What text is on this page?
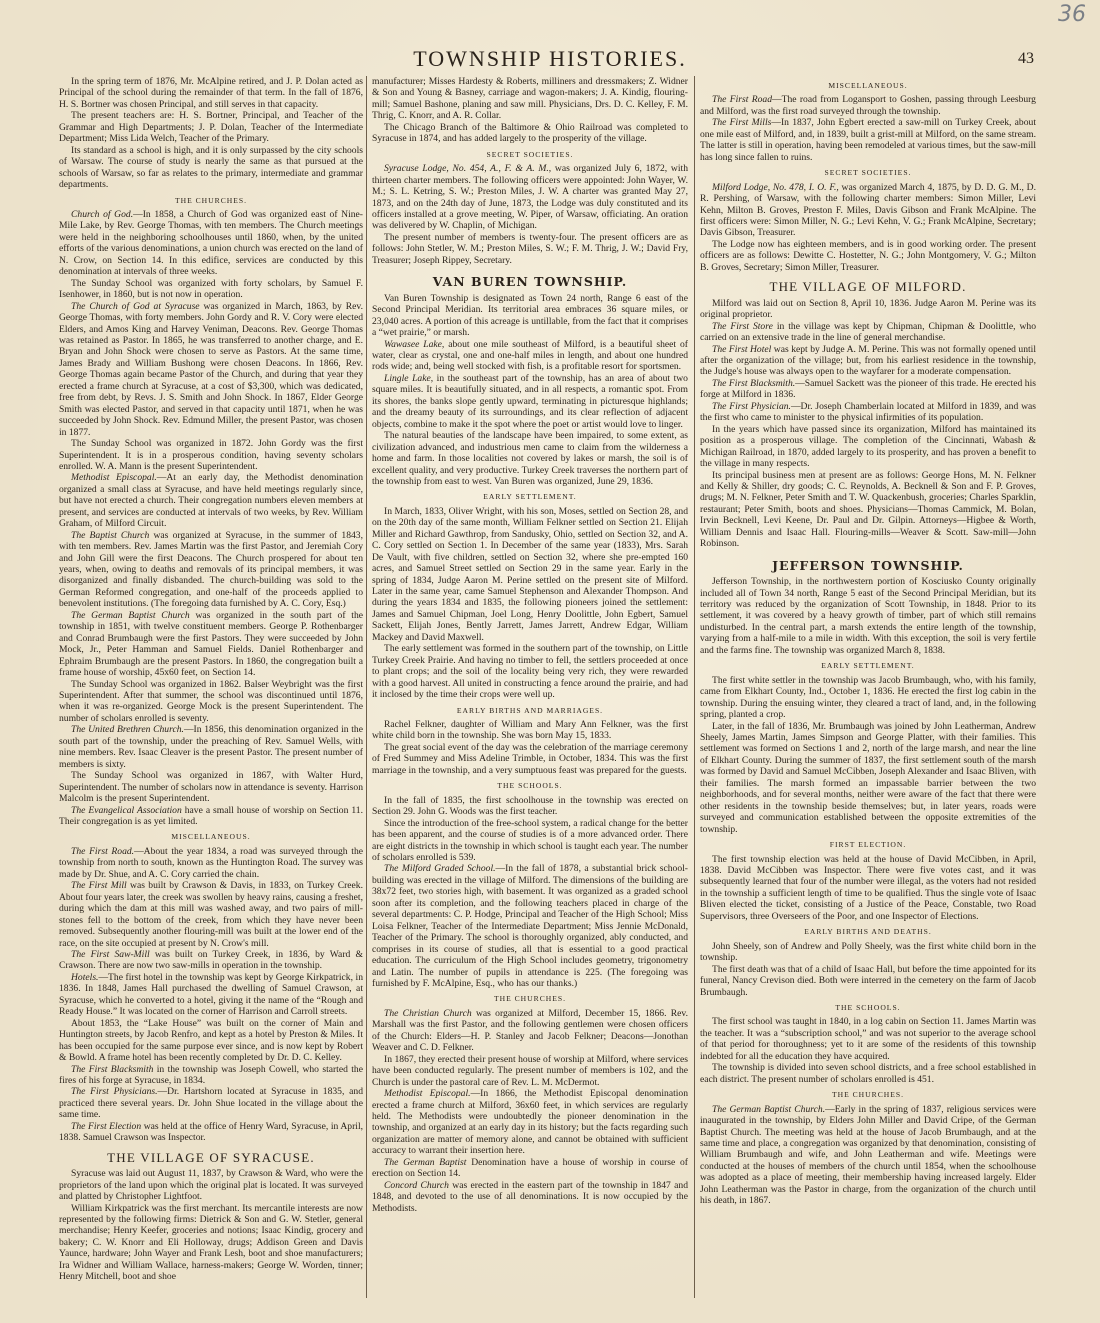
36
TOWNSHIP HISTORIES.	43

In the spring term of 1876, Mr. McAlpine retired, and J. P. Dolan acted as Principal of the school during the remainder of that term. In the fall of 1876, H. S. Bortner was chosen Principal, and still serves in that capacity.

The present teachers are: H. S. Bortner, Principal, and Teacher of the Grammar and High Departments; J. P. Dolan, Teacher of the Intermediate Department; Miss Lida Welch, Teacher of the Primary.

Its standard as a school is high, and it is only surpassed by the city schools of Warsaw. The course of study is nearly the same as that pursued at the schools of Warsaw, so far as relates to the primary, intermediate and grammar departments.

THE CHURCHES.

Church of God.—In 1858, a Church of God was organized east of Nine-Mile Lake, by Rev. George Thomas, with ten members. The Church meetings were held in the neighboring schoolhouses until 1860, when, by the united efforts of the various denominations, a union church was erected on the land of N. Crow, on Section 14. In this edifice, services are conducted by this denomination at intervals of three weeks.

The Sunday School was organized with forty scholars, by Samuel F. Isenhower, in 1860, but is not now in operation.

The Church of God at Syracuse was organized in March, 1863, by Rev. George Thomas, with forty members. John Gordy and R. V. Cory were elected Elders, and Amos King and Harvey Veniman, Deacons. Rev. George Thomas was retained as Pastor. In 1865, he was transferred to another charge, and E. Bryan and John Shock were chosen to serve as Pastors. At the same time, James Brady and William Bushong were chosen Deacons. In 1866, Rev. George Thomas again became Pastor of the Church, and during that year they erected a frame church at Syracuse, at a cost of $3,300, which was dedicated, free from debt, by Revs. J. S. Smith and John Shock. In 1867, Elder George Smith was elected Pastor, and served in that capacity until 1871, when he was succeeded by John Shock. Rev. Edmund Miller, the present Pastor, was chosen in 1877.

The Sunday School was organized in 1872. John Gordy was the first Superintendent. It is in a prosperous condition, having seventy scholars enrolled. W. A. Mann is the present Superintendent.

Methodist Episcopal.—At an early day, the Methodist denomination organized a small class at Syracuse, and have held meetings regularly since, but have not erected a church. Their congregation numbers eleven members at present, and services are conducted at intervals of two weeks, by Rev. William Graham, of Milford Circuit.

The Baptist Church was organized at Syracuse, in the summer of 1843, with ten members. Rev. James Martin was the first Pastor, and Jeremiah Cory and John Gill were the first Deacons. The Church prospered for about ten years, when, owing to deaths and removals of its principal members, it was disorganized and finally disbanded. The church-building was sold to the German Reformed congregation, and one-half of the proceeds applied to benevolent institutions. (The foregoing data furnished by A. C. Cory, Esq.)

The German Baptist Church was organized in the south part of the township in 1851, with twelve constituent members. George P. Rothenbarger and Conrad Brumbaugh were the first Pastors. They were succeeded by John Mock, Jr., Peter Hamman and Samuel Fields. Daniel Rothenbarger and Ephraim Brumbaugh are the present Pastors. In 1860, the congregation built a frame house of worship, 45x60 feet, on Section 14.

The Sunday School was organized in 1862. Balser Weybright was the first Superintendent. After that summer, the school was discontinued until 1876, when it was re-organized. George Mock is the present Superintendent. The number of scholars enrolled is seventy.

The United Brethren Church.—In 1856, this denomination organized in the south part of the township, under the preaching of Rev. Samuel Wells, with nine members. Rev. Isaac Cleaver is the present Pastor. The present number of members is sixty.

The Sunday School was organized in 1867, with Walter Hurd, Superintendent. The number of scholars now in attendance is seventy. Harrison Malcolm is the present Superintendent.

The Evangelical Association have a small house of worship on Section 11. Their congregation is as yet limited.

MISCELLANEOUS.

The First Road.—About the year 1834, a road was surveyed through the township from north to south, known as the Huntington Road. The survey was made by Dr. Shue, and A. C. Cory carried the chain.

The First Mill was built by Crawson & Davis, in 1833, on Turkey Creek. About four years later, the creek was swollen by heavy rains, causing a freshet, during which the dam at this mill was washed away, and two pairs of mill-stones fell to the bottom of the creek, from which they have never been removed. Subsequently another flouring-mill was built at the lower end of the race, on the site occupied at present by N. Crow's mill.

The First Saw-Mill was built on Turkey Creek, in 1836, by Ward & Crawson. There are now two saw-mills in operation in the township.

Hotels.—The first hotel in the township was kept by George Kirkpatrick, in 1836. In 1848, James Hall purchased the dwelling of Samuel Crawson, at Syracuse, which he converted to a hotel, giving it the name of the “Rough and Ready House.” It was located on the corner of Harrison and Carroll streets.

About 1853, the “Lake House” was built on the corner of Main and Huntington streets, by Jacob Renfro, and kept as a hotel by Preston & Miles. It has been occupied for the same purpose ever since, and is now kept by Robert & Bowld. A frame hotel has been recently completed by Dr. D. C. Kelley.

The First Blacksmith in the township was Joseph Cowell, who started the fires of his forge at Syracuse, in 1834.

The First Physicians.—Dr. Hartshorn located at Syracuse in 1835, and practiced there several years. Dr. John Shue located in the village about the same time.

The First Election was held at the office of Henry Ward, Syracuse, in April, 1838. Samuel Crawson was Inspector.

THE VILLAGE OF SYRACUSE.

Syracuse was laid out August 11, 1837, by Crawson & Ward, who were the proprietors of the land upon which the original plat is located. It was surveyed and platted by Christopher Lightfoot.

William Kirkpatrick was the first merchant. Its mercantile interests are now represented by the following firms: Dietrick & Son and G. W. Stetler, general merchandise; Henry Keefer, groceries and notions; Isaac Kindig, grocery and bakery; C. W. Knorr and Eli Holloway, drugs; Addison Green and Davis Yaunce, hardware; John Wayer and Frank Lesh, boot and shoe manufacturers; Ira Widner and William Wallace, harness-makers; George W. Worden, tinner; Henry Mitchell, boot and shoe

manufacturer; Misses Hardesty & Roberts, milliners and dressmakers; Z. Widner & Son and Young & Basney, carriage and wagon-makers; J. A. Kindig, flouring-mill; Samuel Bashone, planing and saw mill. Physicians, Drs. D. C. Kelley, F. M. Thrig, C. Knorr, and A. R. Collar.

The Chicago Branch of the Baltimore & Ohio Railroad was completed to Syracuse in 1874, and has added largely to the prosperity of the village.

SECRET SOCIETIES.

Syracuse Lodge, No. 454, A., F. & A. M., was organized July 6, 1872, with thirteen charter members. The following officers were appointed: John Wayer, W. M.; S. L. Ketring, S. W.; Preston Miles, J. W. A charter was granted May 27, 1873, and on the 24th day of June, 1873, the Lodge was duly constituted and its officers installed at a grove meeting, W. Piper, of Warsaw, officiating. An oration was delivered by W. Chaplin, of Michigan.

The present number of members is twenty-four. The present officers are as follows: John Stetler, W. M.; Preston Miles, S. W.; F. M. Thrig, J. W.; David Fry, Treasurer; Joseph Rippey, Secretary.

VAN BUREN TOWNSHIP.

Van Buren Township is designated as Town 24 north, Range 6 east of the Second Principal Meridian. Its territorial area embraces 36 square miles, or 23,040 acres. A portion of this acreage is untillable, from the fact that it comprises a “wet prairie,” or marsh.

Wawasee Lake, about one mile southeast of Milford, is a beautiful sheet of water, clear as crystal, one and one-half miles in length, and about one hundred rods wide; and, being well stocked with fish, is a profitable resort for sportsmen.

Lingle Lake, in the southeast part of the township, has an area of about two square miles. It is beautifully situated, and in all respects, a romantic spot. From its shores, the banks slope gently upward, terminating in picturesque highlands; and the dreamy beauty of its surroundings, and its clear reflection of adjacent objects, combine to make it the spot where the poet or artist would love to linger.

The natural beauties of the landscape have been impaired, to some extent, as civilization advanced, and industrious men came to claim from the wilderness a home and farm. In those localities not covered by lakes or marsh, the soil is of excellent quality, and very productive. Turkey Creek traverses the northern part of the township from east to west. Van Buren was organized, June 29, 1836.

EARLY SETTLEMENT.

In March, 1833, Oliver Wright, with his son, Moses, settled on Section 28, and on the 20th day of the same month, William Felkner settled on Section 21. Elijah Miller and Richard Gawthrop, from Sandusky, Ohio, settled on Section 32, and A. C. Cory settled on Section 1. In December of the same year (1833), Mrs. Sarah De Vault, with five children, settled on Section 32, where she pre-empted 160 acres, and Samuel Street settled on Section 29 in the same year. Early in the spring of 1834, Judge Aaron M. Perine settled on the present site of Milford. Later in the same year, came Samuel Stephenson and Alexander Thompson. And during the years 1834 and 1835, the following pioneers joined the settlement: James and Samuel Chipman, Joel Long, Henry Doolittle, John Egbert, Samuel Sackett, Elijah Jones, Bently Jarrett, James Jarrett, Andrew Edgar, William Mackey and David Maxwell.

The early settlement was formed in the southern part of the township, on Little Turkey Creek Prairie. And having no timber to fell, the settlers proceeded at once to plant crops; and the soil of the locality being very rich, they were rewarded with a good harvest. All united in constructing a fence around the prairie, and had it inclosed by the time their crops were well up.

EARLY BIRTHS AND MARRIAGES.

Rachel Felkner, daughter of William and Mary Ann Felkner, was the first white child born in the township. She was born May 15, 1833.

The great social event of the day was the celebration of the marriage ceremony of Fred Summey and Miss Adeline Trimble, in October, 1834. This was the first marriage in the township, and a very sumptuous feast was prepared for the guests.

THE SCHOOLS.

In the fall of 1835, the first schoolhouse in the township was erected on Section 29. John G. Woods was the first teacher.

Since the introduction of the free-school system, a radical change for the better has been apparent, and the course of studies is of a more advanced order. There are eight districts in the township in which school is taught each year. The number of scholars enrolled is 539.

The Milford Graded School.—In the fall of 1878, a substantial brick school-building was erected in the village of Milford. The dimensions of the building are 38x72 feet, two stories high, with basement. It was organized as a graded school soon after its completion, and the following teachers placed in charge of the several departments: C. P. Hodge, Principal and Teacher of the High School; Miss Loisa Felkner, Teacher of the Intermediate Department; Miss Jennie McDonald, Teacher of the Primary. The school is thoroughly organized, ably conducted, and comprises in its course of studies, all that is essential to a good practical education. The curriculum of the High School includes geometry, trigonometry and Latin. The number of pupils in attendance is 225. (The foregoing was furnished by F. McAlpine, Esq., who has our thanks.)

THE CHURCHES.

The Christian Church was organized at Milford, December 15, 1866. Rev. Marshall was the first Pastor, and the following gentlemen were chosen officers of the Church: Elders—H. P. Stanley and Jacob Felkner; Deacons—Jonothan Weaver and C. D. Felkner.

In 1867, they erected their present house of worship at Milford, where services have been conducted regularly. The present number of members is 102, and the Church is under the pastoral care of Rev. L. M. McDermot.

Methodist Episcopal.—In 1866, the Methodist Episcopal denomination erected a frame church at Milford, 36x60 feet, in which services are regularly held. The Methodists were undoubtedly the pioneer denomination in the township, and organized at an early day in its history; but the facts regarding such organization are matter of memory alone, and cannot be obtained with sufficient accuracy to warrant their insertion here.

The German Baptist Denomination have a house of worship in course of erection on Section 14.

Concord Church was erected in the eastern part of the township in 1847 and 1848, and devoted to the use of all denominations. It is now occupied by the Methodists.

MISCELLANEOUS.

The First Road—The road from Logansport to Goshen, passing through Leesburg and Milford, was the first road surveyed through the township.

The First Mills—In 1837, John Egbert erected a saw-mill on Turkey Creek, about one mile east of Milford, and, in 1839, built a grist-mill at Milford, on the same stream. The latter is still in operation, having been remodeled at various times, but the saw-mill has long since fallen to ruins.

SECRET SOCIETIES.

Milford Lodge, No. 478, I. O. F., was organized March 4, 1875, by D. D. G. M., D. R. Pershing, of Warsaw, with the following charter members: Simon Miller, Levi Kehn, Milton B. Groves, Preston F. Miles, Davis Gibson and Frank McAlpine. The first officers were: Simon Miller, N. G.; Levi Kehn, V. G.; Frank McAlpine, Secretary; Davis Gibson, Treasurer.

The Lodge now has eighteen members, and is in good working order. The present officers are as follows: Dewitte C. Hostetter, N. G.; John Montgomery, V. G.; Milton B. Groves, Secretary; Simon Miller, Treasurer.

THE VILLAGE OF MILFORD.

Milford was laid out on Section 8, April 10, 1836. Judge Aaron M. Perine was its original proprietor.

The First Store in the village was kept by Chipman, Chipman & Doolittle, who carried on an extensive trade in the line of general merchandise.

The First Hotel was kept by Judge A. M. Perine. This was not formally opened until after the organization of the village; but, from his earliest residence in the township, the Judge's house was always open to the wayfarer for a moderate compensation.

The First Blacksmith.—Samuel Sackett was the pioneer of this trade. He erected his forge at Milford in 1836.

The First Physician.—Dr. Joseph Chamberlain located at Milford in 1839, and was the first who came to minister to the physical infirmities of its population.

In the years which have passed since its organization, Milford has maintained its position as a prosperous village. The completion of the Cincinnati, Wabash & Michigan Railroad, in 1870, added largely to its prosperity, and has proven a benefit to the village in many respects.

Its principal business men at present are as follows: George Hons, M. N. Felkner and Kelly & Shiller, dry goods; C. C. Reynolds, A. Becknell & Son and F. P. Groves, drugs; M. N. Felkner, Peter Smith and T. W. Quackenbush, groceries; Charles Sparklin, restaurant; Peter Smith, boots and shoes. Physicians—Thomas Cammick, M. Bolan, Irvin Becknell, Levi Keene, Dr. Paul and Dr. Gilpin. Attorneys—Higbee & Worth, William Dennis and Isaac Hall. Flouring-mills—Weaver & Scott. Saw-mill—John Robinson.

JEFFERSON TOWNSHIP.

Jefferson Township, in the northwestern portion of Kosciusko County originally included all of Town 34 north, Range 5 east of the Second Principal Meridian, but its territory was reduced by the organization of Scott Township, in 1848. Prior to its settlement, it was covered by a heavy growth of timber, part of which still remains undisturbed. In the central part, a marsh extends the entire length of the township, varying from a half-mile to a mile in width. With this exception, the soil is very fertile and the farms fine. The township was organized March 8, 1838.

EARLY SETTLEMENT.

The first white settler in the township was Jacob Brumbaugh, who, with his family, came from Elkhart County, Ind., October 1, 1836. He erected the first log cabin in the township. During the ensuing winter, they cleared a tract of land, and, in the following spring, planted a crop.

Later, in the fall of 1836, Mr. Brumbaugh was joined by John Leatherman, Andrew Sheely, James Martin, James Simpson and George Platter, with their families. This settlement was formed on Sections 1 and 2, north of the large marsh, and near the line of Elkhart County. During the summer of 1837, the first settlement south of the marsh was formed by David and Samuel McCibben, Joseph Alexander and Isaac Bliven, with their families. The marsh formed an impassable barrier between the two neighborhoods, and for several months, neither were aware of the fact that there were other residents in the township beside themselves; but, in later years, roads were surveyed and communication established between the opposite extremities of the township.

FIRST ELECTION.

The first township election was held at the house of David McCibben, in April, 1838. David McCibben was Inspector. There were five votes cast, and it was subsequently learned that four of the number were illegal, as the voters had not resided in the township a sufficient length of time to be qualified. Thus the single vote of Isaac Bliven elected the ticket, consisting of a Justice of the Peace, Constable, two Road Supervisors, three Overseers of the Poor, and one Inspector of Elections.

EARLY BIRTHS AND DEATHS.

John Sheely, son of Andrew and Polly Sheely, was the first white child born in the township.

The first death was that of a child of Isaac Hall, but before the time appointed for its funeral, Nancy Crevison died. Both were interred in the cemetery on the farm of Jacob Brumbaugh.

THE SCHOOLS.

The first school was taught in 1840, in a log cabin on Section 11. James Martin was the teacher. It was a “subscription school,” and was not superior to the average school of that period for thoroughness; yet to it are some of the residents of this township indebted for all the education they have acquired.

The township is divided into seven school districts, and a free school established in each district. The present number of scholars enrolled is 451.

THE CHURCHES.

The German Baptist Church.—Early in the spring of 1837, religious services were inaugurated in the township, by Elders John Miller and David Cripe, of the German Baptist Church. The meeting was held at the house of Jacob Brumbaugh, and at the same time and place, a congregation was organized by that denomination, consisting of William Brumbaugh and wife, and John Leatherman and wife. Meetings were conducted at the houses of members of the church until 1854, when the schoolhouse was adopted as a place of meeting, their membership having increased largely. Elder John Leatherman was the Pastor in charge, from the organization of the church until his death, in 1867.
